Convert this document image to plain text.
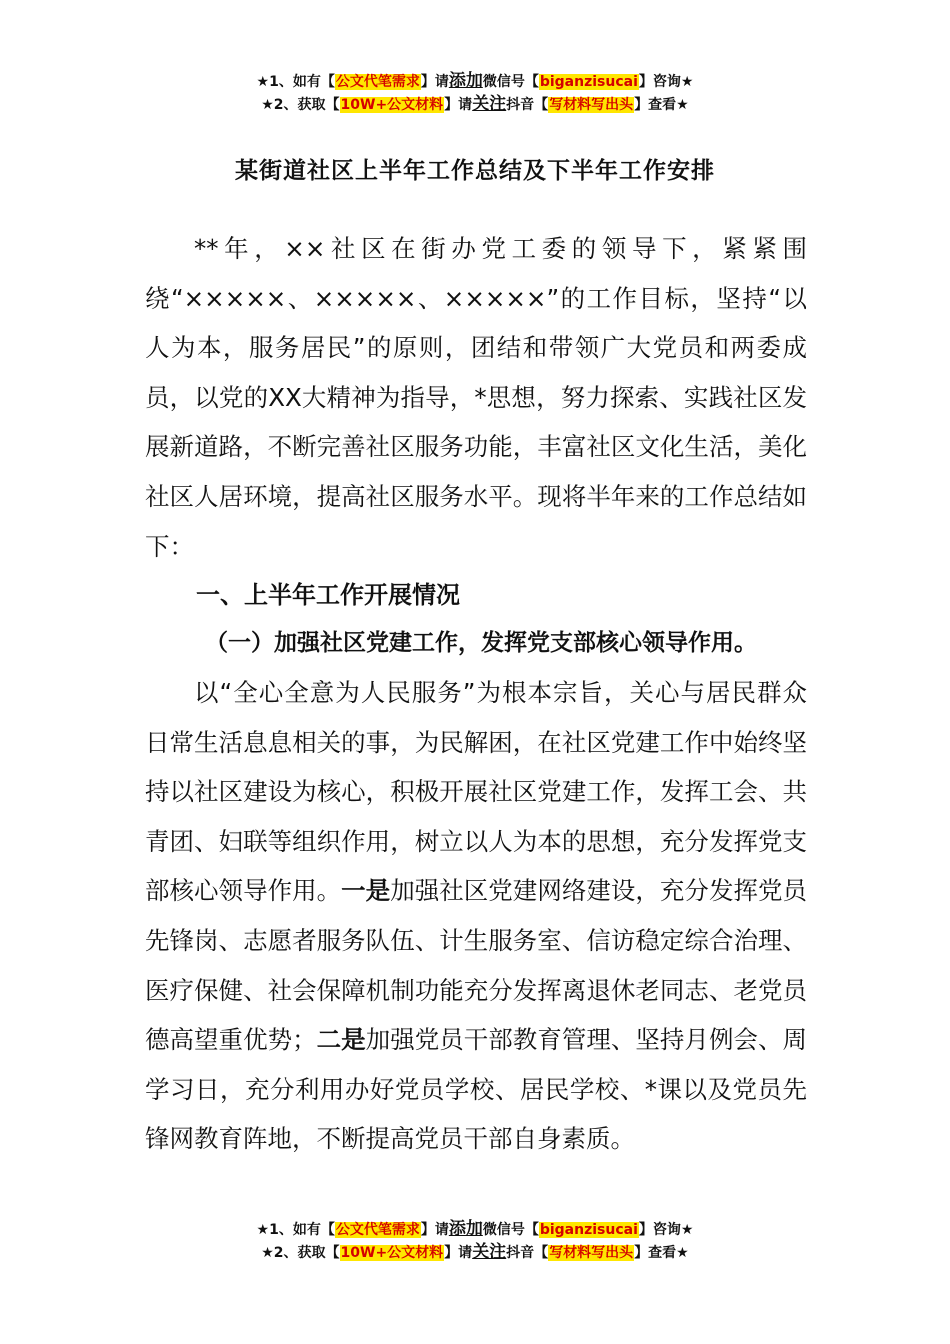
★1、如有【公文代笔需求】请添加微信号【biganzisucai】咨询★
★2、获取【10W+公文材料】请关注抖音【写材料写出头】查看★
某街道社区上半年工作总结及下半年工作安排

**年，××社区在街办党工委的领导下，紧紧围绕“×××××、×××××、×××××”的工作目标，坚持“以人为本，服务居民”的原则，团结和带领广大党员和两委成员，以党的XX大精神为指导，*思想，努力探索、实践社区发展新道路，不断完善社区服务功能，丰富社区文化生活，美化社区人居环境，提高社区服务水平。现将半年来的工作总结如下：

一、上半年工作开展情况
（一）加强社区党建工作，发挥党支部核心领导作用。

以“全心全意为人民服务”为根本宗旨，关心与居民群众日常生活息息相关的事，为民解困，在社区党建工作中始终坚持以社区建设为核心，积极开展社区党建工作，发挥工会、共青团、妇联等组织作用，树立以人为本的思想，充分发挥党支部核心领导作用。一是加强社区党建网络建设，充分发挥党员先锋岗、志愿者服务队伍、计生服务室、信访稳定综合治理、医疗保健、社会保障机制功能充分发挥离退休老同志、老党员德高望重优势；二是加强党员干部教育管理、坚持月例会、周学习日，充分利用办好党员学校、居民学校、*课以及党员先锋网教育阵地，不断提高党员干部自身素质。

★1、如有【公文代笔需求】请添加微信号【biganzisucai】咨询★
★2、获取【10W+公文材料】请关注抖音【写材料写出头】查看★
